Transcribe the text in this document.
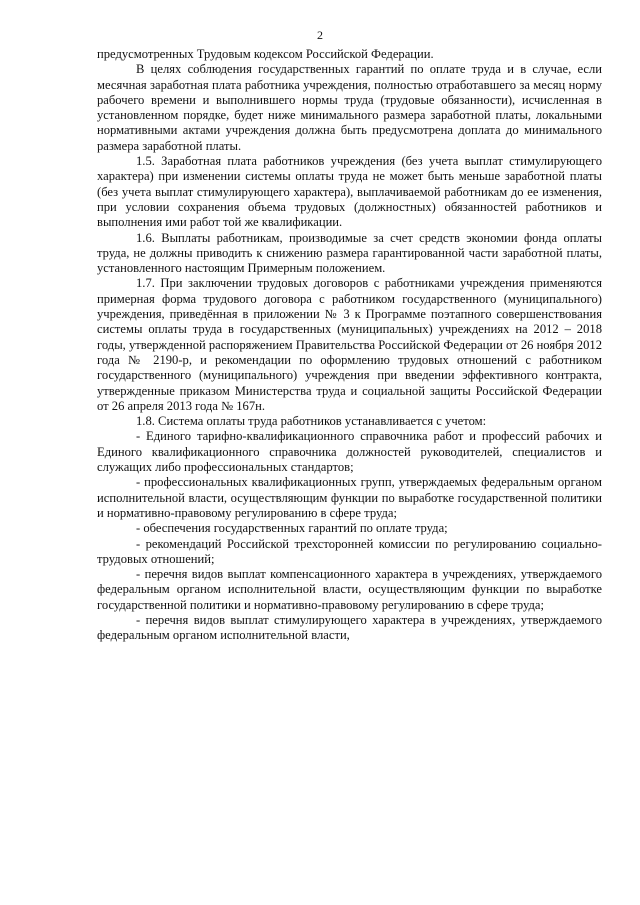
2

предусмотренных Трудовым кодексом Российской Федерации.

В целях соблюдения государственных гарантий по оплате труда и в случае, если месячная заработная плата работника учреждения, полностью отработавшего за месяц норму рабочего времени и выполнившего нормы труда (трудовые обязанности), исчисленная в установленном порядке, будет ниже минимального размера заработной платы, локальными нормативными актами учреждения должна быть предусмотрена доплата до минимального размера заработной платы.

1.5. Заработная плата работников учреждения (без учета выплат стимулирующего характера) при изменении системы оплаты труда не может быть меньше заработной платы (без учета выплат стимулирующего характера), выплачиваемой работникам до ее изменения, при условии сохранения объема трудовых (должностных) обязанностей работников и выполнения ими работ той же квалификации.

1.6. Выплаты работникам, производимые за счет средств экономии фонда оплаты труда, не должны приводить к снижению размера гарантированной части заработной платы, установленного настоящим Примерным положением.

1.7. При заключении трудовых договоров с работниками учреждения применяются примерная форма трудового договора с работником государственного (муниципального) учреждения, приведённая в приложении № 3 к Программе поэтапного совершенствования системы оплаты труда в государственных (муниципальных) учреждениях на 2012 – 2018 годы, утвержденной распоряжением Правительства Российской Федерации от 26 ноября 2012 года № 2190-р, и рекомендации по оформлению трудовых отношений с работником государственного (муниципального) учреждения при введении эффективного контракта, утвержденные приказом Министерства труда и социальной защиты Российской Федерации от 26 апреля 2013 года № 167н.

1.8. Система оплаты труда работников устанавливается с учетом:

- Единого тарифно-квалификационного справочника работ и профессий рабочих и Единого квалификационного справочника должностей руководителей, специалистов и служащих либо профессиональных стандартов;

- профессиональных квалификационных групп, утверждаемых федеральным органом исполнительной власти, осуществляющим функции по выработке государственной политики и нормативно-правовому регулированию в сфере труда;

- обеспечения государственных гарантий по оплате труда;

- рекомендаций Российской трехсторонней комиссии по регулированию социально-трудовых отношений;

- перечня видов выплат компенсационного характера в учреждениях, утверждаемого федеральным органом исполнительной власти, осуществляющим функции по выработке государственной политики и нормативно-правовому регулированию в сфере труда;

- перечня видов выплат стимулирующего характера в учреждениях, утверждаемого федеральным органом исполнительной власти,
